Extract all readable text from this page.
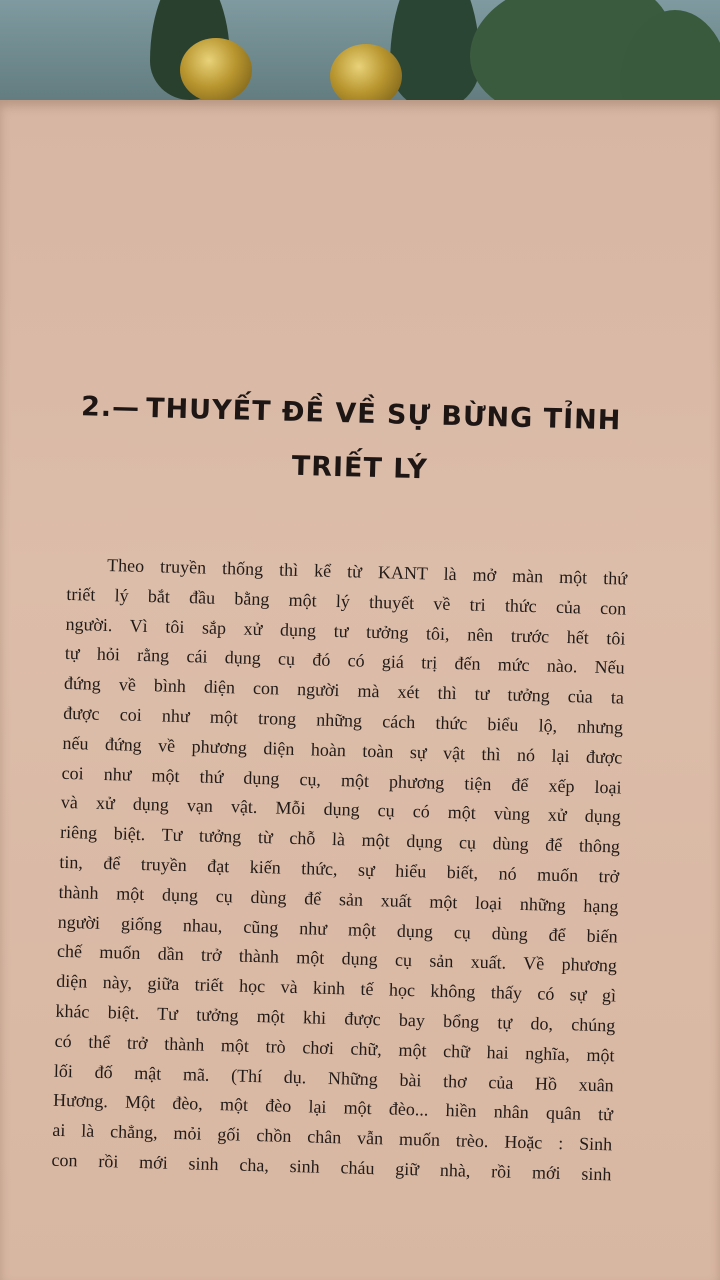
2.— THUYẾT ĐỀ VỀ SỰ BỪNG TỈNH
TRIẾT LÝ
Theo truyền thống thì kể từ KANT là mở màn một thứ
triết lý bắt đầu bằng một lý thuyết về tri thức của con
người. Vì tôi sắp xử dụng tư tưởng tôi, nên trước hết tôi
tự hỏi rằng cái dụng cụ đó có giá trị đến mức nào. Nếu
đứng về bình diện con người mà xét thì tư tưởng của ta
được coi như một trong những cách thức biểu lộ, nhưng
nếu đứng về phương diện hoàn toàn sự vật thì nó lại được
coi như một thứ dụng cụ, một phương tiện để xếp loại
và xử dụng vạn vật. Mỗi dụng cụ có một vùng xử dụng
riêng biệt. Tư tưởng từ chỗ là một dụng cụ dùng để thông
tin, để truyền đạt kiến thức, sự hiểu biết, nó muốn trở
thành một dụng cụ dùng để sản xuất một loại những hạng
người giống nhau, cũng như một dụng cụ dùng để biến
chế muốn dần trở thành một dụng cụ sản xuất. Về phương
diện này, giữa triết học và kinh tế học không thấy có sự gì
khác biệt. Tư tưởng một khi được bay bổng tự do, chúng
có thể trở thành một trò chơi chữ, một chữ hai nghĩa, một
lối đố mật mã. (Thí dụ. Những bài thơ của Hồ xuân
Hương. Một đèo, một đèo lại một đèo... hiền nhân quân tử
ai là chẳng, mỏi gối chồn chân vẫn muốn trèo. Hoặc : Sinh
con rồi mới sinh cha, sinh cháu giữ nhà, rồi mới sinh
